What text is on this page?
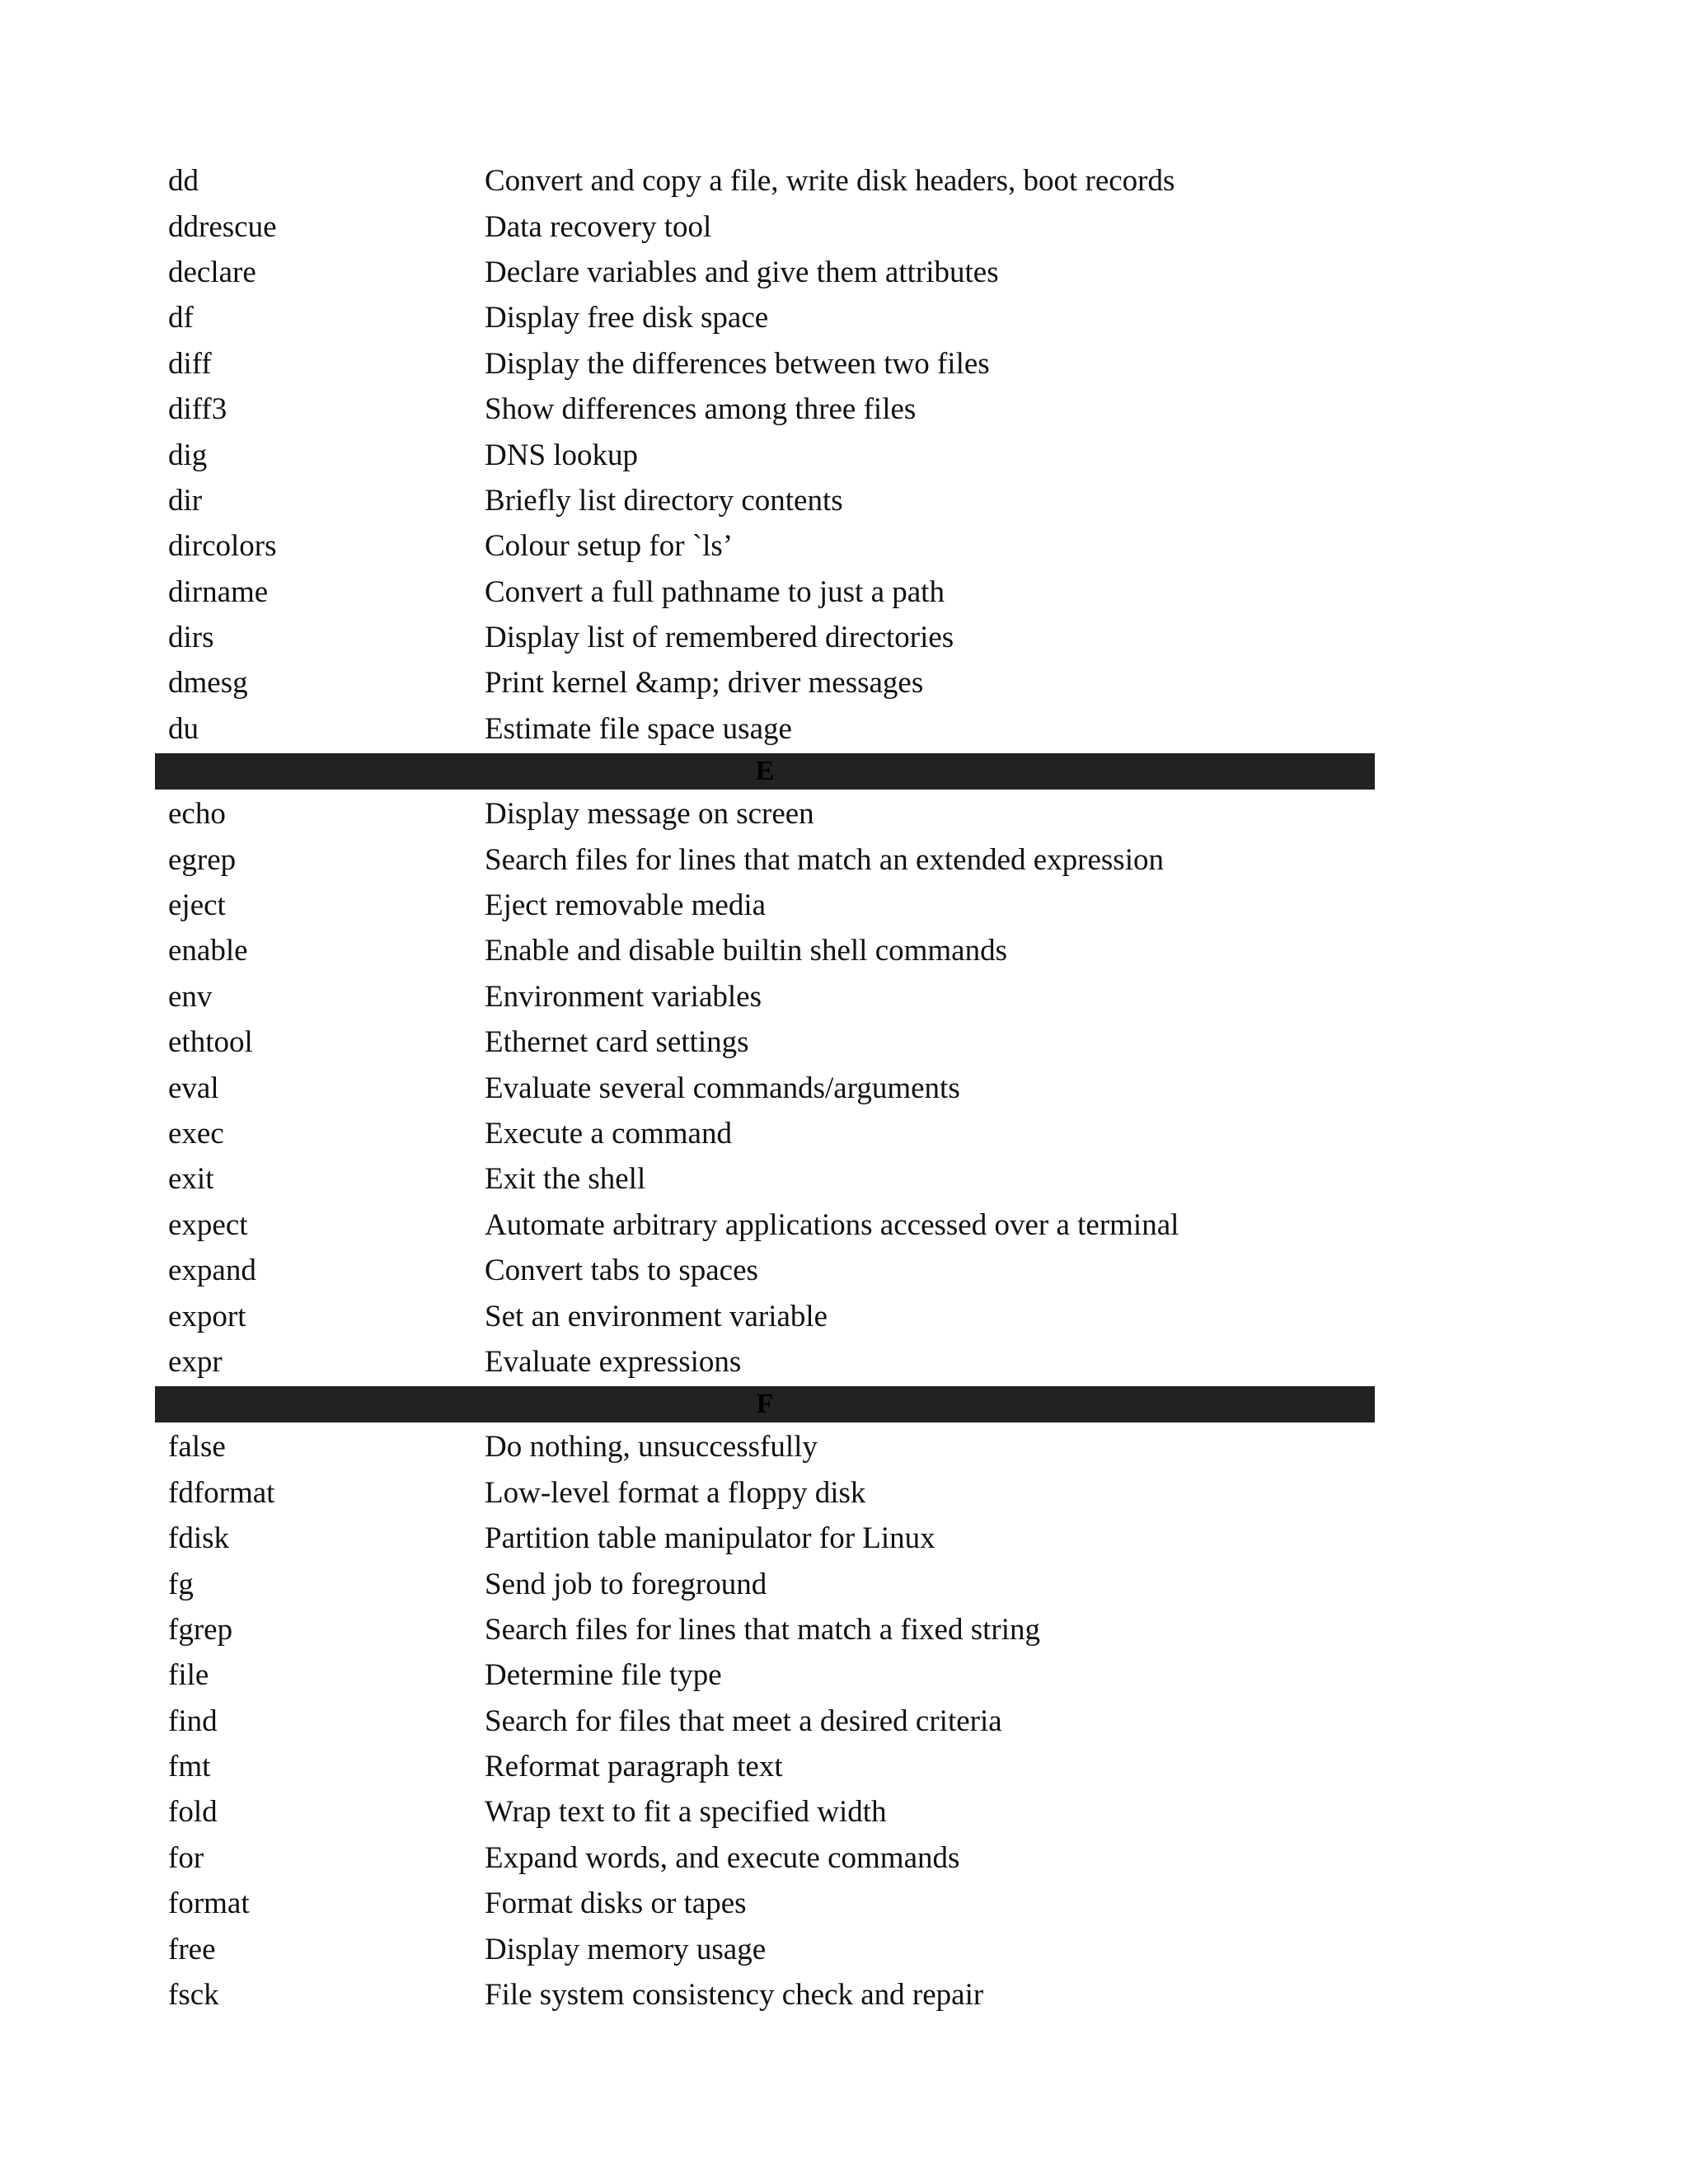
dd	Convert and copy a file, write disk headers, boot records
ddrescue	Data recovery tool
declare	Declare variables and give them attributes
df	Display free disk space
diff	Display the differences between two files
diff3	Show differences among three files
dig	DNS lookup
dir	Briefly list directory contents
dircolors	Colour setup for `ls’
dirname	Convert a full pathname to just a path
dirs	Display list of remembered directories
dmesg	Print kernel &amp; driver messages
du	Estimate file space usage
E
echo	Display message on screen
egrep	Search files for lines that match an extended expression
eject	Eject removable media
enable	Enable and disable builtin shell commands
env	Environment variables
ethtool	Ethernet card settings
eval	Evaluate several commands/arguments
exec	Execute a command
exit	Exit the shell
expect	Automate arbitrary applications accessed over a terminal
expand	Convert tabs to spaces
export	Set an environment variable
expr	Evaluate expressions
F
false	Do nothing, unsuccessfully
fdformat	Low-level format a floppy disk
fdisk	Partition table manipulator for Linux
fg	Send job to foreground
fgrep	Search files for lines that match a fixed string
file	Determine file type
find	Search for files that meet a desired criteria
fmt	Reformat paragraph text
fold	Wrap text to fit a specified width
for	Expand words, and execute commands
format	Format disks or tapes
free	Display memory usage
fsck	File system consistency check and repair
